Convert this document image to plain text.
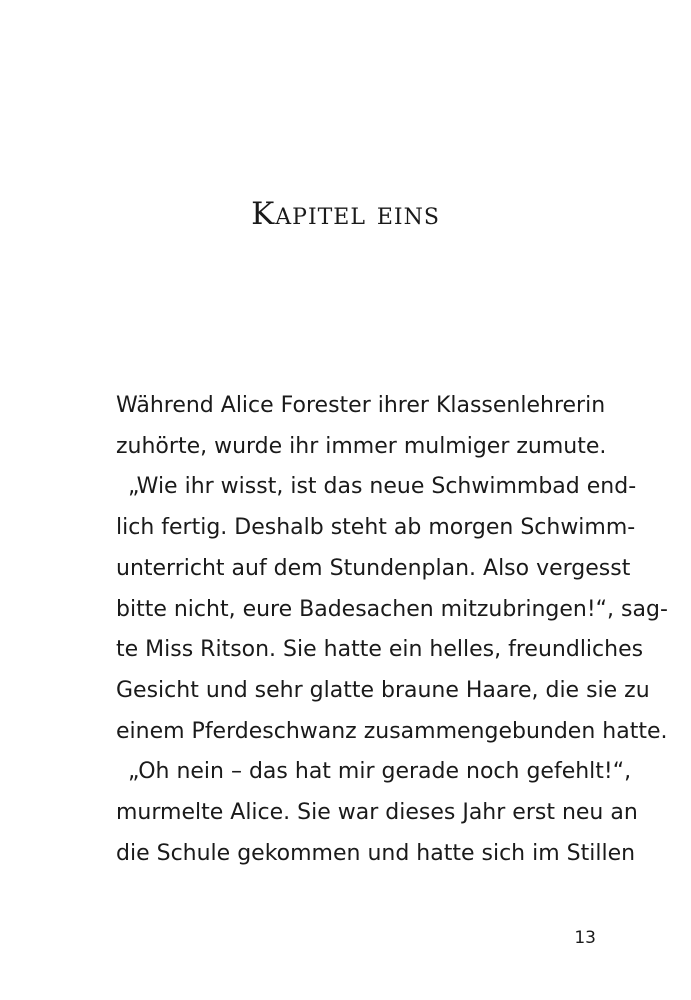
Kapitel eins
Während Alice Forester ihrer Klassenlehrerin
zuhörte, wurde ihr immer mulmiger zumute.
„Wie ihr wisst, ist das neue Schwimmbad end-
lich fertig. Deshalb steht ab morgen Schwimm-
unterricht auf dem Stundenplan. Also vergesst
bitte nicht, eure Badesachen mitzubringen!“, sag-
te Miss Ritson. Sie hatte ein helles, freundliches
Gesicht und sehr glatte braune Haare, die sie zu
einem Pferdeschwanz zusammengebunden hatte.
„Oh nein – das hat mir gerade noch gefehlt!“,
murmelte Alice. Sie war dieses Jahr erst neu an
die Schule gekommen und hatte sich im Stillen
13
